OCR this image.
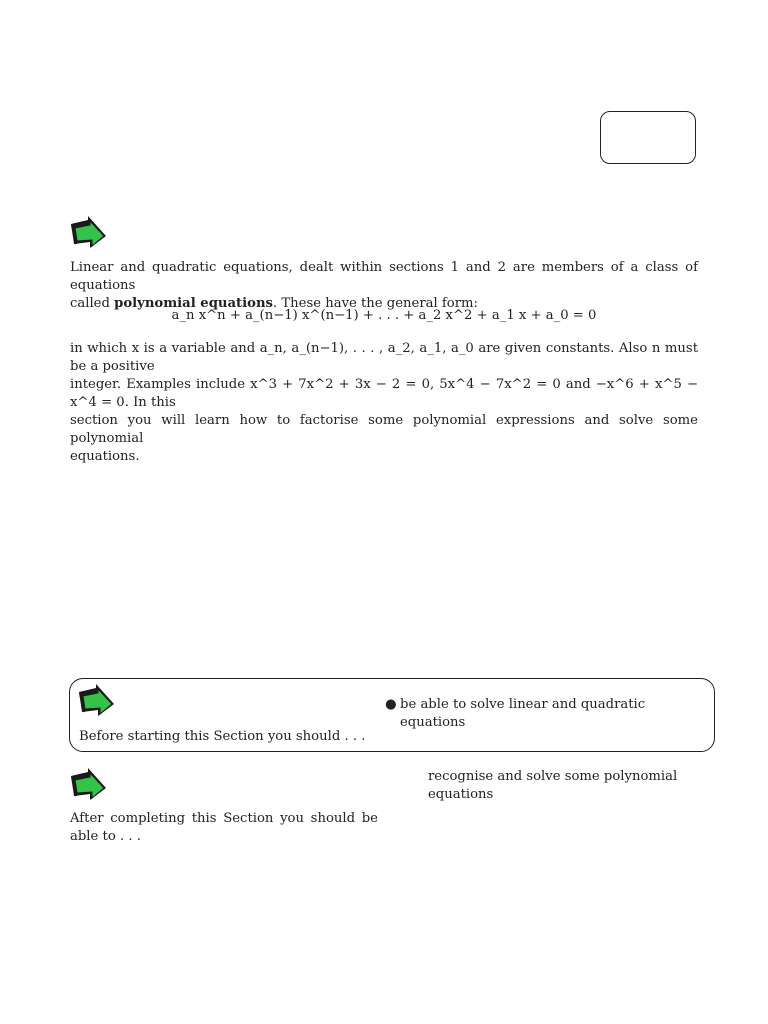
Linear and quadratic equations, dealt within sections 1 and 2 are members of a class of equations
called polynomial equations. These have the general form:
a_n x^n + a_(n−1) x^(n−1) + . . . + a_2 x^2 + a_1 x + a_0 = 0
in which x is a variable and a_n, a_(n−1), . . . , a_2, a_1, a_0 are given constants. Also n must be a positive
integer. Examples include x^3 + 7x^2 + 3x − 2 = 0, 5x^4 − 7x^2 = 0 and −x^6 + x^5 − x^4 = 0. In this
section you will learn how to factorise some polynomial expressions and solve some polynomial
equations.
Before starting this Section you should . . .
● be able to solve linear and quadratic equations
After completing this Section you should be able to . . .
recognise and solve some polynomial equations
